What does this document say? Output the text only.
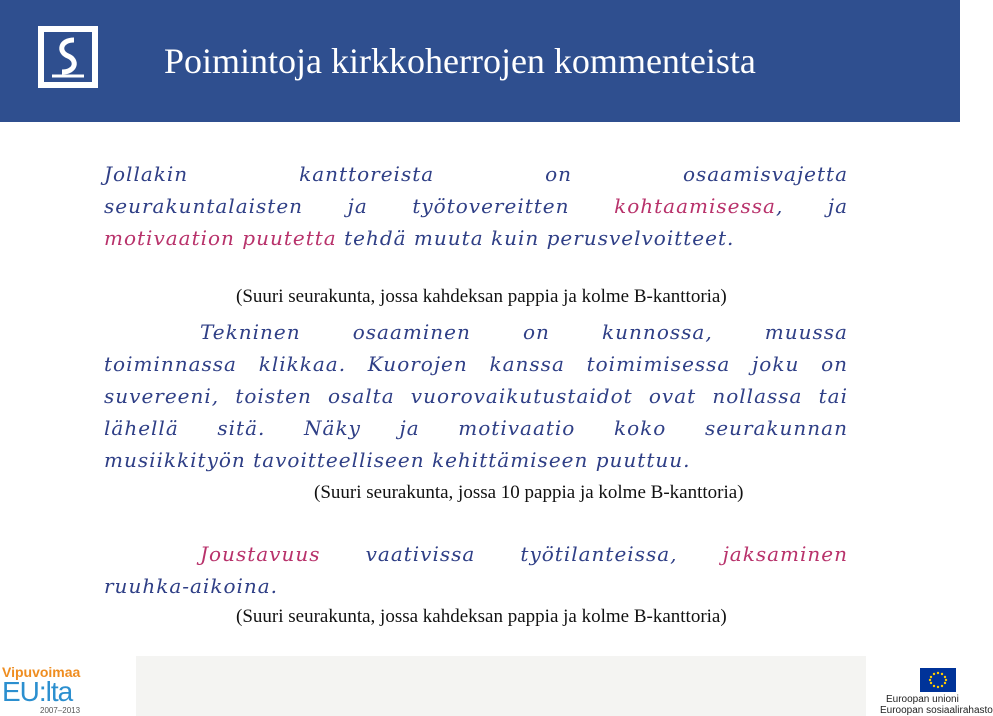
Poimintoja kirkkoherrojen kommenteista
Jollakin kanttoreista on osaamisvajetta
seurakuntalaisten ja työtovereitten kohtaamisessa, ja
motivaation puutetta tehdä muuta kuin perusvelvoitteet.
(Suuri seurakunta, jossa kahdeksan pappia ja kolme B-kanttoria)
Tekninen osaaminen on kunnossa, muussa
toiminnassa klikkaa. Kuorojen kanssa toimimisessa joku on
suvereeni, toisten osalta vuorovaikutustaidot ovat nollassa tai
lähellä sitä. Näky ja motivaatio koko seurakunnan
musiikkityön tavoitteelliseen kehittämiseen puuttuu.
(Suuri seurakunta, jossa 10 pappia ja kolme B-kanttoria)
Joustavuus vaativissa työtilanteissa, jaksaminen
ruuhka-aikoina.
(Suuri seurakunta, jossa kahdeksan pappia ja kolme B-kanttoria)
Vipuvoimaa
EU:lta
2007–2013
Euroopan unioni
Euroopan sosiaalirahasto
